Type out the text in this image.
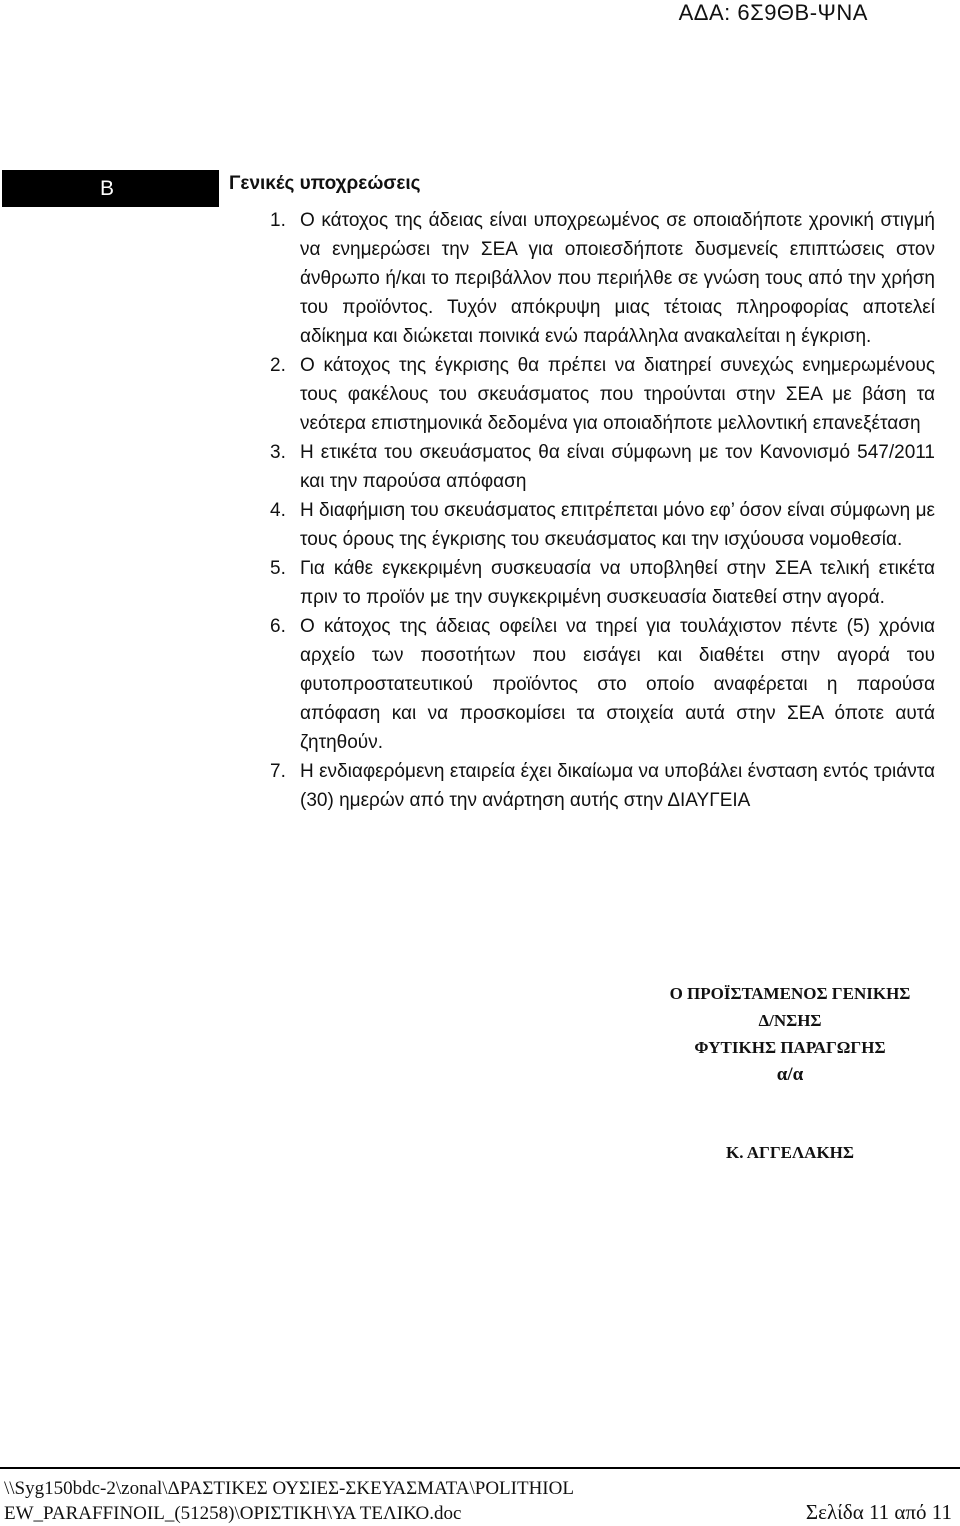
ΑΔΑ: 6Σ9ΘΒ-ΨΝΑ
Β	Γενικές υποχρεώσεις
1. Ο κάτοχος της άδειας είναι υποχρεωμένος σε οποιαδήποτε χρονική στιγμή να ενημερώσει την ΣΕΑ για οποιεσδήποτε δυσμενείς επιπτώσεις στον άνθρωπο ή/και το περιβάλλον που περιήλθε σε γνώση τους από την χρήση του προϊόντος. Τυχόν απόκρυψη μιας τέτοιας πληροφορίας αποτελεί αδίκημα και διώκεται ποινικά ενώ παράλληλα ανακαλείται η έγκριση.
2. Ο κάτοχος της έγκρισης θα πρέπει να διατηρεί συνεχώς ενημερωμένους τους φακέλους του σκευάσματος που τηρούνται στην ΣΕΑ με βάση τα νεότερα επιστημονικά δεδομένα για οποιαδήποτε μελλοντική επανεξέταση
3. Η ετικέτα του σκευάσματος θα είναι σύμφωνη με τον Κανονισμό 547/2011 και την παρούσα απόφαση
4. Η διαφήμιση του σκευάσματος επιτρέπεται μόνο εφ’ όσον είναι σύμφωνη με τους όρους της έγκρισης του σκευάσματος και την ισχύουσα νομοθεσία.
5. Για κάθε εγκεκριμένη συσκευασία να υποβληθεί στην ΣΕΑ τελική ετικέτα πριν το προϊόν με την συγκεκριμένη συσκευασία διατεθεί στην αγορά.
6. Ο κάτοχος της άδειας οφείλει να τηρεί για τουλάχιστον πέντε (5) χρόνια αρχείο των ποσοτήτων που εισάγει και διαθέτει στην αγορά του φυτοπροστατευτικού προϊόντος στο οποίο αναφέρεται η παρούσα απόφαση και να προσκομίσει τα στοιχεία αυτά στην ΣΕΑ όποτε αυτά ζητηθούν.
7. Η ενδιαφερόμενη εταιρεία έχει δικαίωμα να υποβάλει ένσταση εντός τριάντα (30) ημερών από την ανάρτηση αυτής στην ΔΙΑΥΓΕΙΑ
Ο ΠΡΟΪΣΤΑΜΕΝΟΣ ΓΕΝΙΚΗΣ
Δ/ΝΣΗΣ
ΦΥΤΙΚΗΣ ΠΑΡΑΓΩΓΗΣ
α/α
Κ. ΑΓΓΕΛΑΚΗΣ
\\Syg150bdc-2\zonal\ΔΡΑΣΤΙΚΕΣ ΟΥΣΙΕΣ-ΣΚΕΥΑΣΜΑΤΑ\POLITHIOL
EW_PARAFFINOIL_(51258)\ΟΡΙΣΤΙΚΗ\ΥΑ ΤΕΛΙΚΟ.doc	Σελίδα 11 από 11
